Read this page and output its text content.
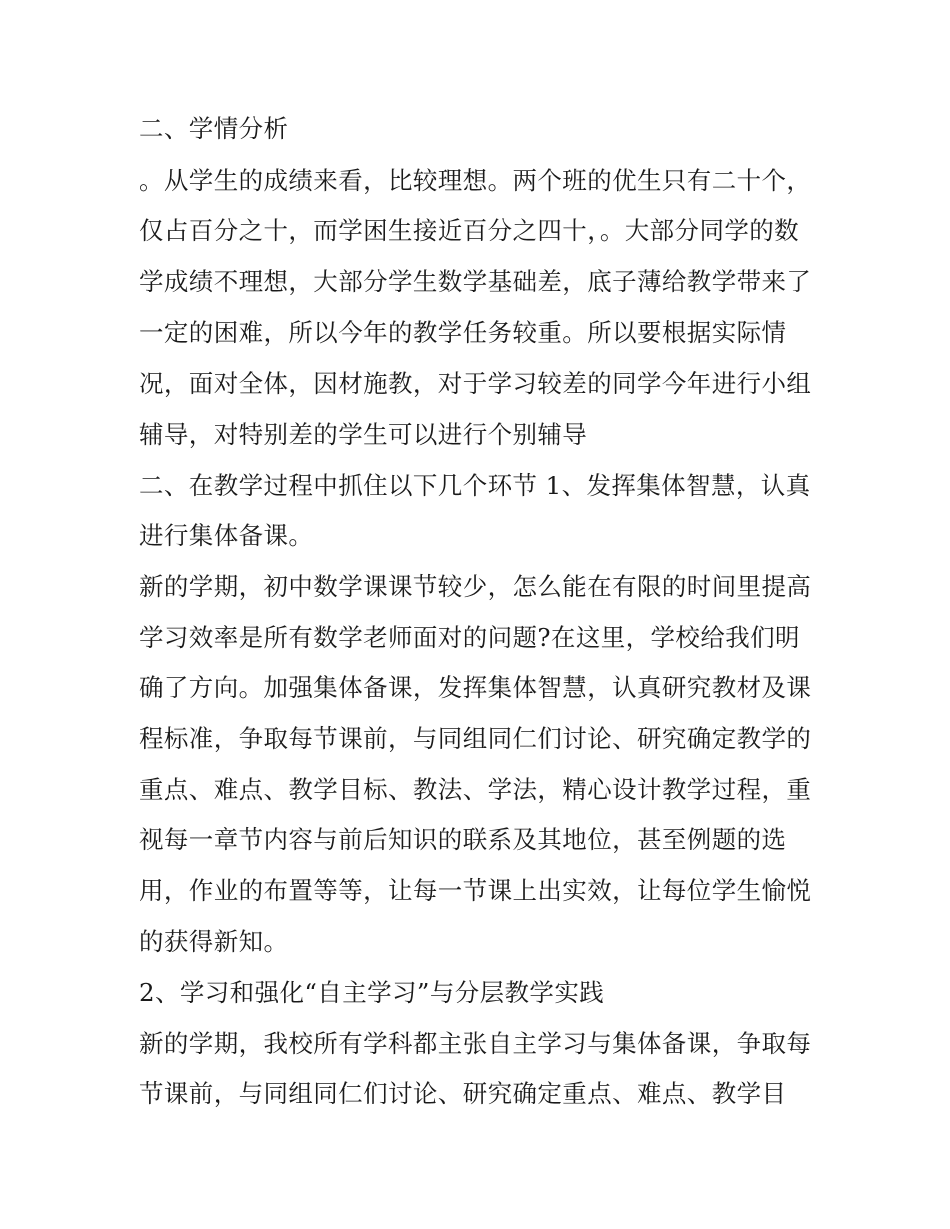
二、学情分析
。从学生的成绩来看，比较理想。两个班的优生只有二十个，
仅占百分之十，而学困生接近百分之四十，。大部分同学的数
学成绩不理想，大部分学生数学基础差，底子薄给教学带来了
一定的困难，所以今年的教学任务较重。所以要根据实际情
况，面对全体，因材施教，对于学习较差的同学今年进行小组
辅导，对特别差的学生可以进行个别辅导
二、在教学过程中抓住以下几个环节 1、发挥集体智慧，认真
进行集体备课。
新的学期，初中数学课课节较少，怎么能在有限的时间里提高
学习效率是所有数学老师面对的问题?在这里，学校给我们明
确了方向。加强集体备课，发挥集体智慧，认真研究教材及课
程标准，争取每节课前，与同组同仁们讨论、研究确定教学的
重点、难点、教学目标、教法、学法，精心设计教学过程，重
视每一章节内容与前后知识的联系及其地位，甚至例题的选
用，作业的布置等等，让每一节课上出实效，让每位学生愉悦
的获得新知。
2、学习和强化“自主学习”与分层教学实践
新的学期，我校所有学科都主张自主学习与集体备课，争取每
节课前，与同组同仁们讨论、研究确定重点、难点、教学目
